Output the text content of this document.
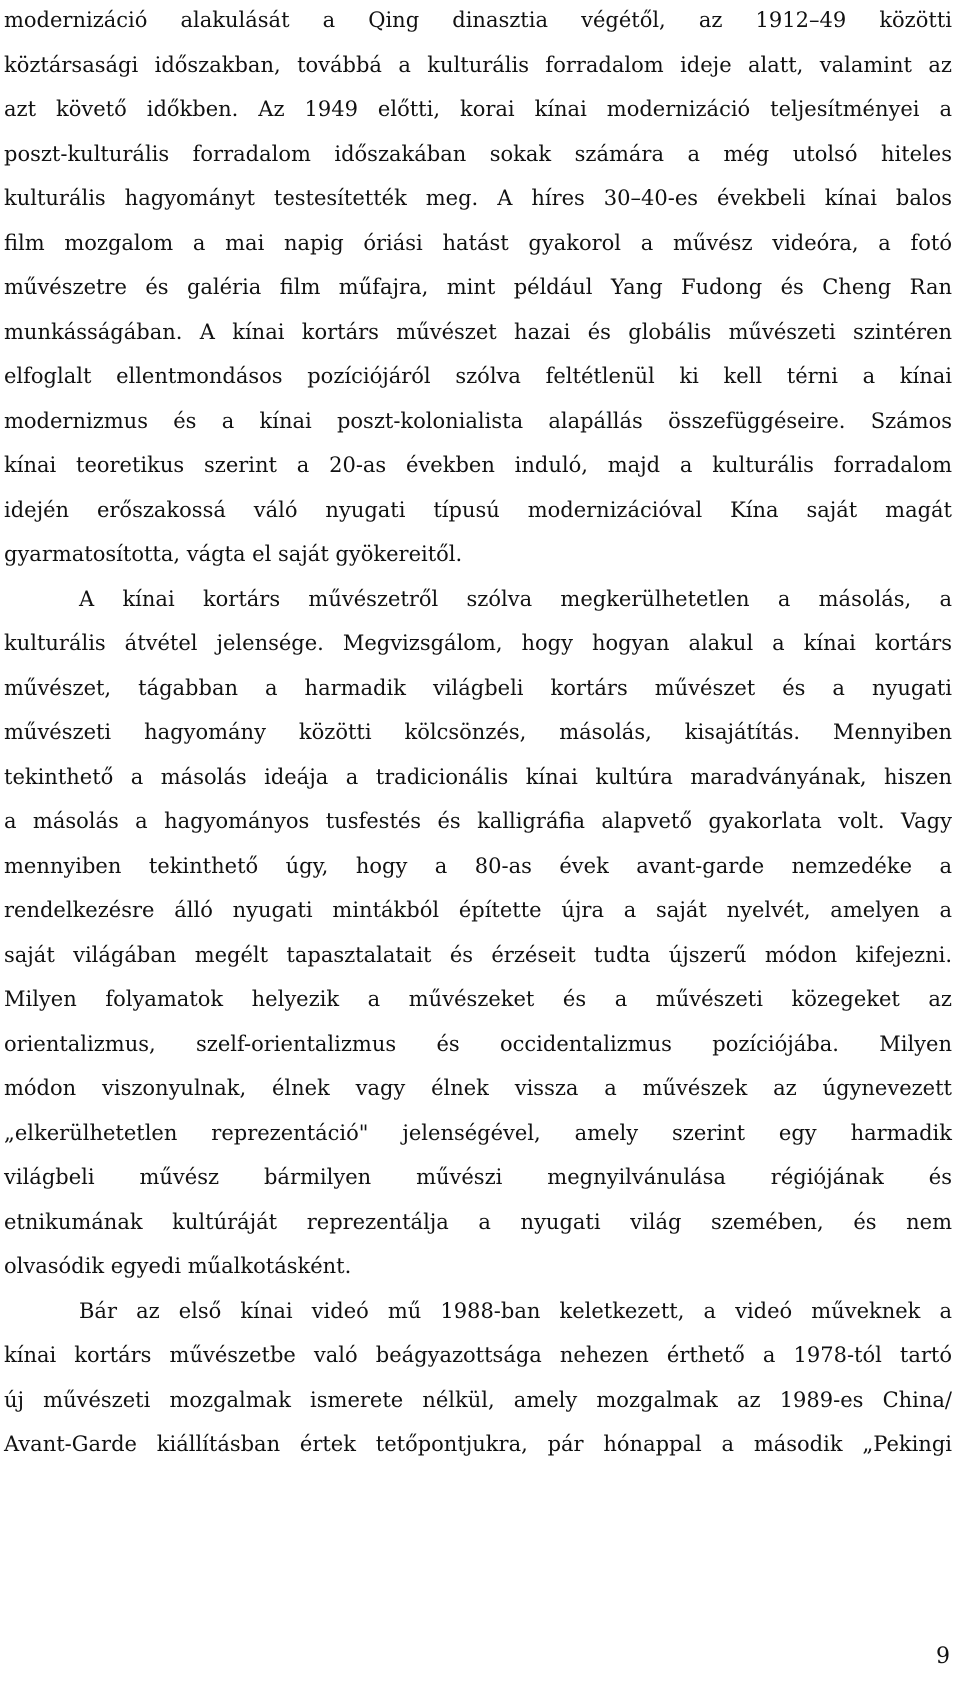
modernizáció alakulását a Qing dinasztia végétől, az 1912–49 közötti
köztársasági időszakban, továbbá a kulturális forradalom ideje alatt, valamint az
azt követő időkben. Az 1949 előtti, korai kínai modernizáció teljesítményei a
poszt-kulturális forradalom időszakában sokak számára a még utolsó hiteles
kulturális hagyományt testesítették meg. A híres 30–40-es évekbeli kínai balos
film mozgalom a mai napig óriási hatást gyakorol a művész videóra, a fotó
művészetre és galéria film műfajra, mint például Yang Fudong és Cheng Ran
munkásságában. A kínai kortárs művészet hazai és globális művészeti szintéren
elfoglalt ellentmondásos pozíciójáról szólva feltétlenül ki kell térni a kínai
modernizmus és a kínai poszt-kolonialista alapállás összefüggéseire. Számos
kínai teoretikus szerint a 20-as években induló, majd a kulturális forradalom
idején erőszakossá váló nyugati típusú modernizációval Kína saját magát
gyarmatosította, vágta el saját gyökereitől.

A kínai kortárs művészetről szólva megkerülhetetlen a másolás, a
kulturális átvétel jelensége. Megvizsgálom, hogy hogyan alakul a kínai kortárs
művészet, tágabban a harmadik világbeli kortárs művészet és a nyugati
művészeti hagyomány közötti kölcsönzés, másolás, kisajátítás. Mennyiben
tekinthető a másolás ideája a tradicionális kínai kultúra maradványának, hiszen
a másolás a hagyományos tusfestés és kalligráfia alapvető gyakorlata volt. Vagy
mennyiben tekinthető úgy, hogy a 80-as évek avant-garde nemzedéke a
rendelkezésre álló nyugati mintákból építette újra a saját nyelvét, amelyen a
saját világában megélt tapasztalatait és érzéseit tudta újszerű módon kifejezni.
Milyen folyamatok helyezik a művészeket és a művészeti közegeket az
orientalizmus, szelf-orientalizmus és occidentalizmus pozíciójába. Milyen
módon viszonyulnak, élnek vagy élnek vissza a művészek az úgynevezett
„elkerülhetetlen reprezentáció" jelenségével, amely szerint egy harmadik
világbeli művész bármilyen művészi megnyilvánulása régiójának és
etnikumának kultúráját reprezentálja a nyugati világ szemében, és nem
olvasódik egyedi műalkotásként.

Bár az első kínai videó mű 1988-ban keletkezett, a videó műveknek a
kínai kortárs művészetbe való beágyazottsága nehezen érthető a 1978-tól tartó
új művészeti mozgalmak ismerete nélkül, amely mozgalmak az 1989-es China/
Avant-Garde kiállításban értek tetőpontjukra, pár hónappal a második „Pekingi

9
